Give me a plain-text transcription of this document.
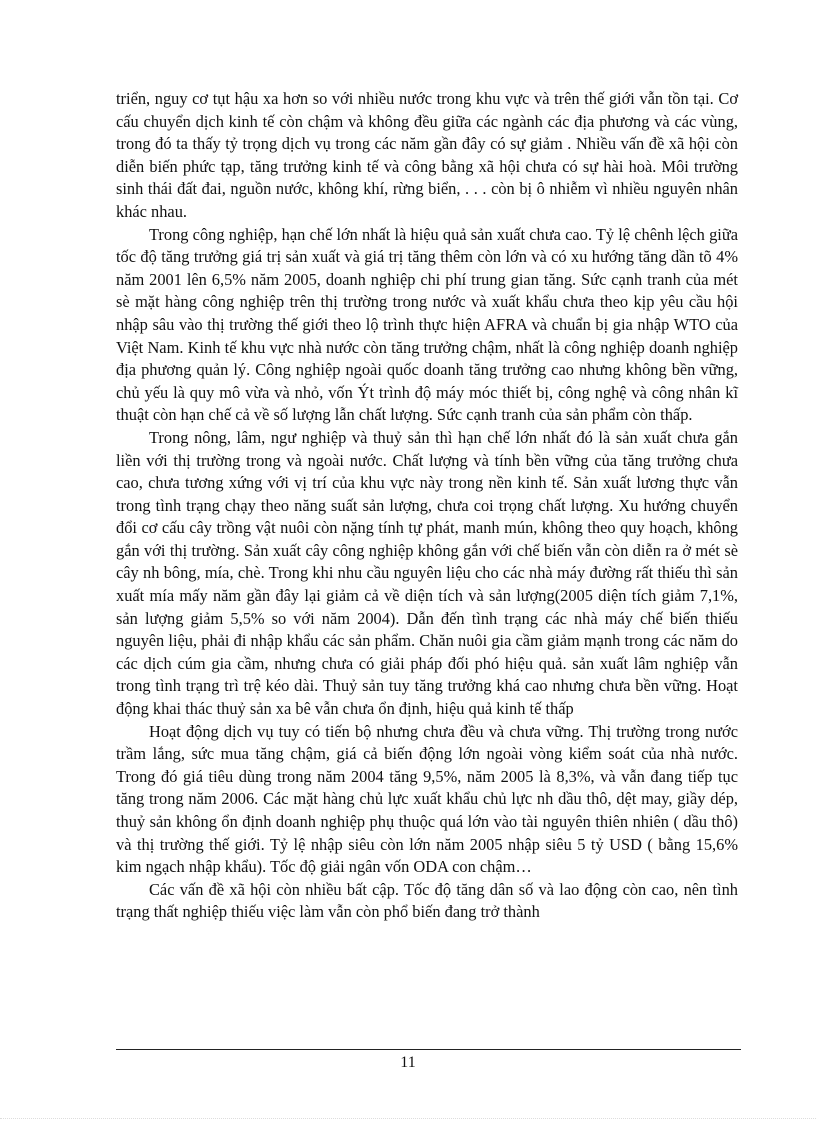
triển, nguy cơ tụt hậu xa hơn so với nhiều nước trong khu vực và trên thế giới vẫn tồn tại. Cơ cấu chuyển dịch kinh tế còn chậm và không đều giữa các ngành các địa phương và các vùng, trong đó ta thấy tỷ trọng dịch vụ trong các năm gần đây có sự giảm . Nhiều vấn đề xã hội còn diễn biến phức tạp, tăng trưởng kinh tế và công bằng xã hội chưa có sự hài hoà. Môi trường sinh thái đất đai, nguồn nước, không khí, rừng biển, . . . còn bị ô nhiễm vì nhiều nguyên nhân khác nhau.

Trong công nghiệp, hạn chế lớn nhất là hiệu quả sản xuất chưa cao. Tỷ lệ chênh lệch giữa tốc độ tăng trưởng giá trị sản xuất và giá trị tăng thêm còn lớn và có xu hướng tăng dần tõ 4% năm 2001 lên 6,5% năm 2005, doanh nghiệp chi phí trung gian tăng. Sức cạnh tranh của mét sè mặt hàng công nghiệp trên thị trường trong nước và xuất khẩu chưa theo kịp yêu cầu hội nhập sâu vào thị trường thế giới theo lộ trình thực hiện AFRA và chuẩn bị gia nhập WTO của Việt Nam. Kinh tế khu vực nhà nước còn tăng trưởng chậm, nhất là công nghiệp doanh nghiệp địa phương quản lý. Công nghiệp ngoài quốc doanh tăng trưởng cao nhưng không bền vững, chủ yếu là quy mô vừa và nhỏ, vốn Ýt trình độ máy móc thiết bị, công nghệ và công nhân kĩ thuật còn hạn chế cả về số lượng lẫn chất lượng. Sức cạnh tranh của sản phẩm còn thấp.

Trong nông, lâm, ngư nghiệp và thuỷ sản thì hạn chế lớn nhất đó là sản xuất chưa gắn liền với thị trường trong và ngoài nước. Chất lượng và tính bền vững của tăng trưởng chưa cao, chưa tương xứng với vị trí của khu vực này trong nền kinh tế. Sản xuất lương thực vẫn trong tình trạng chạy theo năng suất sản lượng, chưa coi trọng chất lượng. Xu hướng chuyển đổi cơ cấu cây trồng vật nuôi còn nặng tính tự phát, manh mún, không theo quy hoạch, không gắn với thị trường. Sản xuất cây công nghiệp không gắn với chế biến vẫn còn diễn ra ở mét sè cây nh bông, mía, chè. Trong khi nhu cầu nguyên liệu cho các nhà máy đường rất thiếu thì sản xuất mía mấy năm gần đây lại giảm cả về diện tích và sản lượng(2005 diện tích giảm 7,1%, sản lượng giảm 5,5% so với năm 2004). Dẫn đến tình trạng các nhà máy chế biến thiếu nguyên liệu, phải đi nhập khẩu các sản phẩm. Chăn nuôi gia cầm giảm mạnh trong các năm do các dịch cúm gia cầm, nhưng chưa có giải pháp đối phó hiệu quả. sản xuất lâm nghiệp vẫn trong tình trạng trì trệ kéo dài. Thuỷ sản tuy tăng trưởng khá cao nhưng chưa bền vững. Hoạt động khai thác thuỷ sản xa bê vẫn chưa ổn định, hiệu quả kinh tế thấp

Hoạt động dịch vụ tuy có tiến bộ nhưng chưa đều và chưa vững. Thị trường trong nước trầm lắng, sức mua tăng chậm, giá cả biến động lớn ngoài vòng kiểm soát của nhà nước. Trong đó giá tiêu dùng trong năm 2004 tăng 9,5%, năm 2005 là 8,3%, và vẫn đang tiếp tục tăng trong năm 2006. Các mặt hàng chủ lực xuất khẩu chủ lực nh dầu thô, dệt may, giầy dép, thuỷ sản không ổn định doanh nghiệp phụ thuộc quá lớn vào tài nguyên thiên nhiên ( dầu thô) và thị trường thế giới. Tỷ lệ nhập siêu còn lớn năm 2005 nhập siêu 5 tỷ USD ( bằng 15,6% kim ngạch nhập khẩu). Tốc độ giải ngân vốn ODA con chậm…

Các vấn đề xã hội còn nhiều bất cập. Tốc độ tăng dân số và lao động còn cao, nên tình trạng thất nghiệp thiếu việc làm vẫn còn phổ biến đang trở thành

11
